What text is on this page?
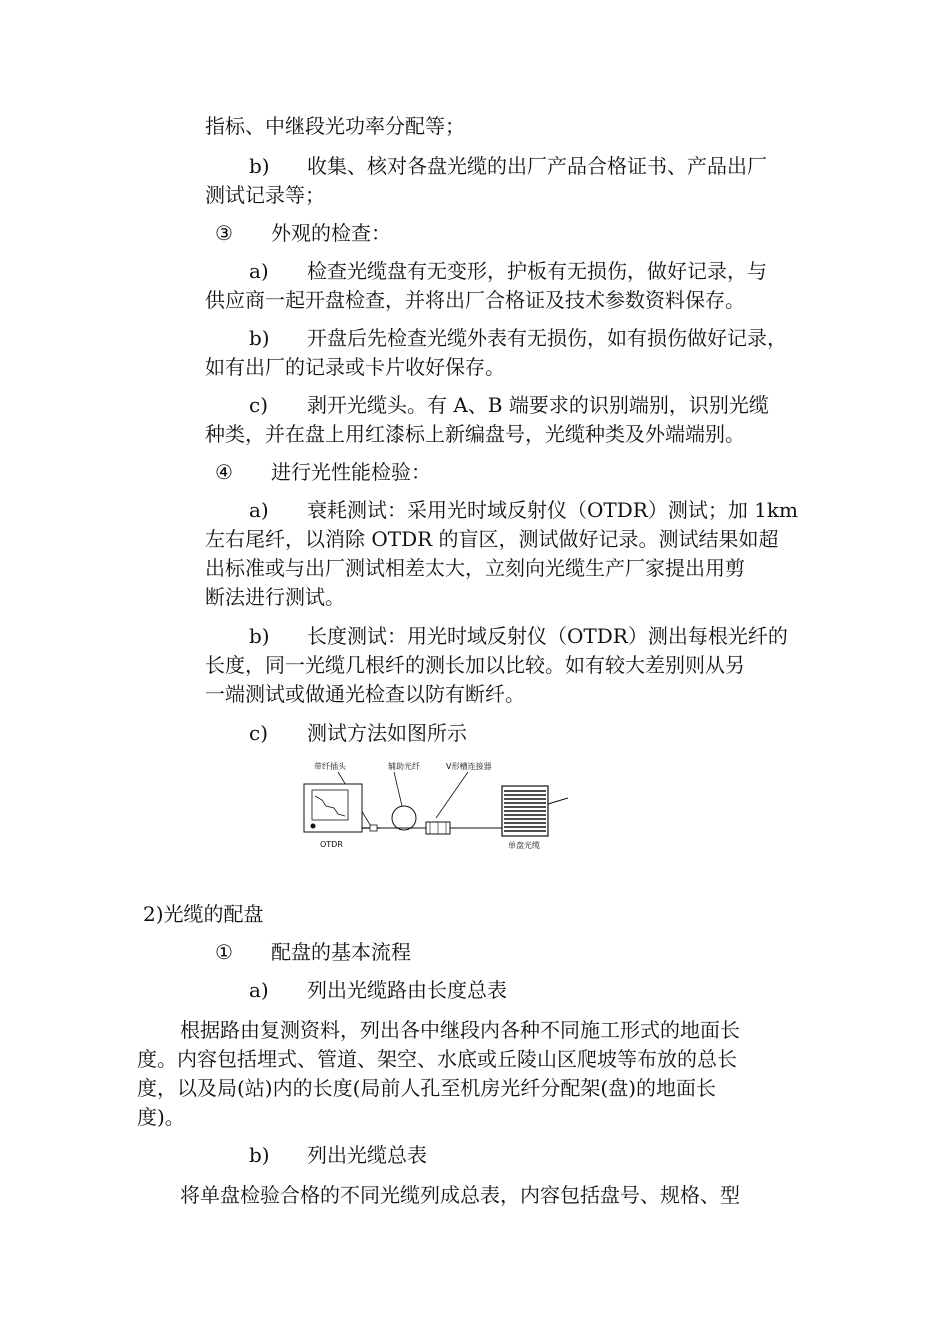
指标、中继段光功率分配等；
b) 收集、核对各盘光缆的出厂产品合格证书、产品出厂
测试记录等；
③ 外观的检查：
a) 检查光缆盘有无变形，护板有无损伤，做好记录，与
供应商一起开盘检查，并将出厂合格证及技术参数资料保存。
b) 开盘后先检查光缆外表有无损伤，如有损伤做好记录，
如有出厂的记录或卡片收好保存。
c) 剥开光缆头。有 A、B 端要求的识别端别，识别光缆
种类，并在盘上用红漆标上新编盘号，光缆种类及外端端别。
④ 进行光性能检验：
a) 衰耗测试：采用光时域反射仪（OTDR）测试；加 1km
左右尾纤，以消除 OTDR 的盲区，测试做好记录。测试结果如超
出标准或与出厂测试相差太大，立刻向光缆生产厂家提出用剪
断法进行测试。
b) 长度测试：用光时域反射仪（OTDR）测出每根光纤的
长度，同一光缆几根纤的测长加以比较。如有较大差别则从另
一端测试或做通光检查以防有断纤。
c) 测试方法如图所示
带纤插头	辅助光纤	V形槽连接器
OTDR	单盘光缆
2)光缆的配盘
① 配盘的基本流程
a) 列出光缆路由长度总表
根据路由复测资料，列出各中继段内各种不同施工形式的地面长
度。内容包括埋式、管道、架空、水底或丘陵山区爬坡等布放的总长
度，以及局(站)内的长度(局前人孔至机房光纤分配架(盘)的地面长
度)。
b) 列出光缆总表
将单盘检验合格的不同光缆列成总表，内容包括盘号、规格、型
